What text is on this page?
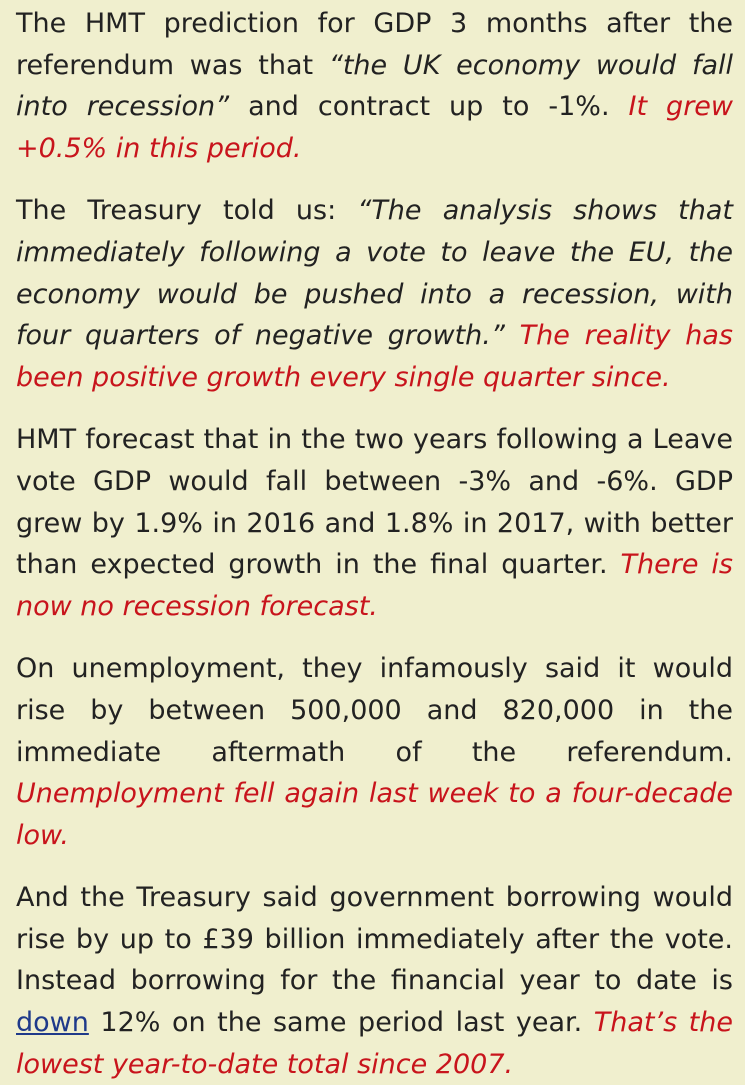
The HMT prediction for GDP 3 months after the referendum was that “the UK economy would fall into recession” and contract up to -1%. It grew +0.5% in this period.

The Treasury told us: “The analysis shows that immediately following a vote to leave the EU, the economy would be pushed into a recession, with four quarters of negative growth.” The reality has been positive growth every single quarter since.

HMT forecast that in the two years following a Leave vote GDP would fall between -3% and -6%. GDP grew by 1.9% in 2016 and 1.8% in 2017, with better than expected growth in the final quarter. There is now no recession forecast.

On unemployment, they infamously said it would rise by between 500,000 and 820,000 in the immediate aftermath of the referendum. Unemployment fell again last week to a four-decade low.

And the Treasury said government borrowing would rise by up to £39 billion immediately after the vote. Instead borrowing for the financial year to date is down 12% on the same period last year. That’s the lowest year-to-date total since 2007.
